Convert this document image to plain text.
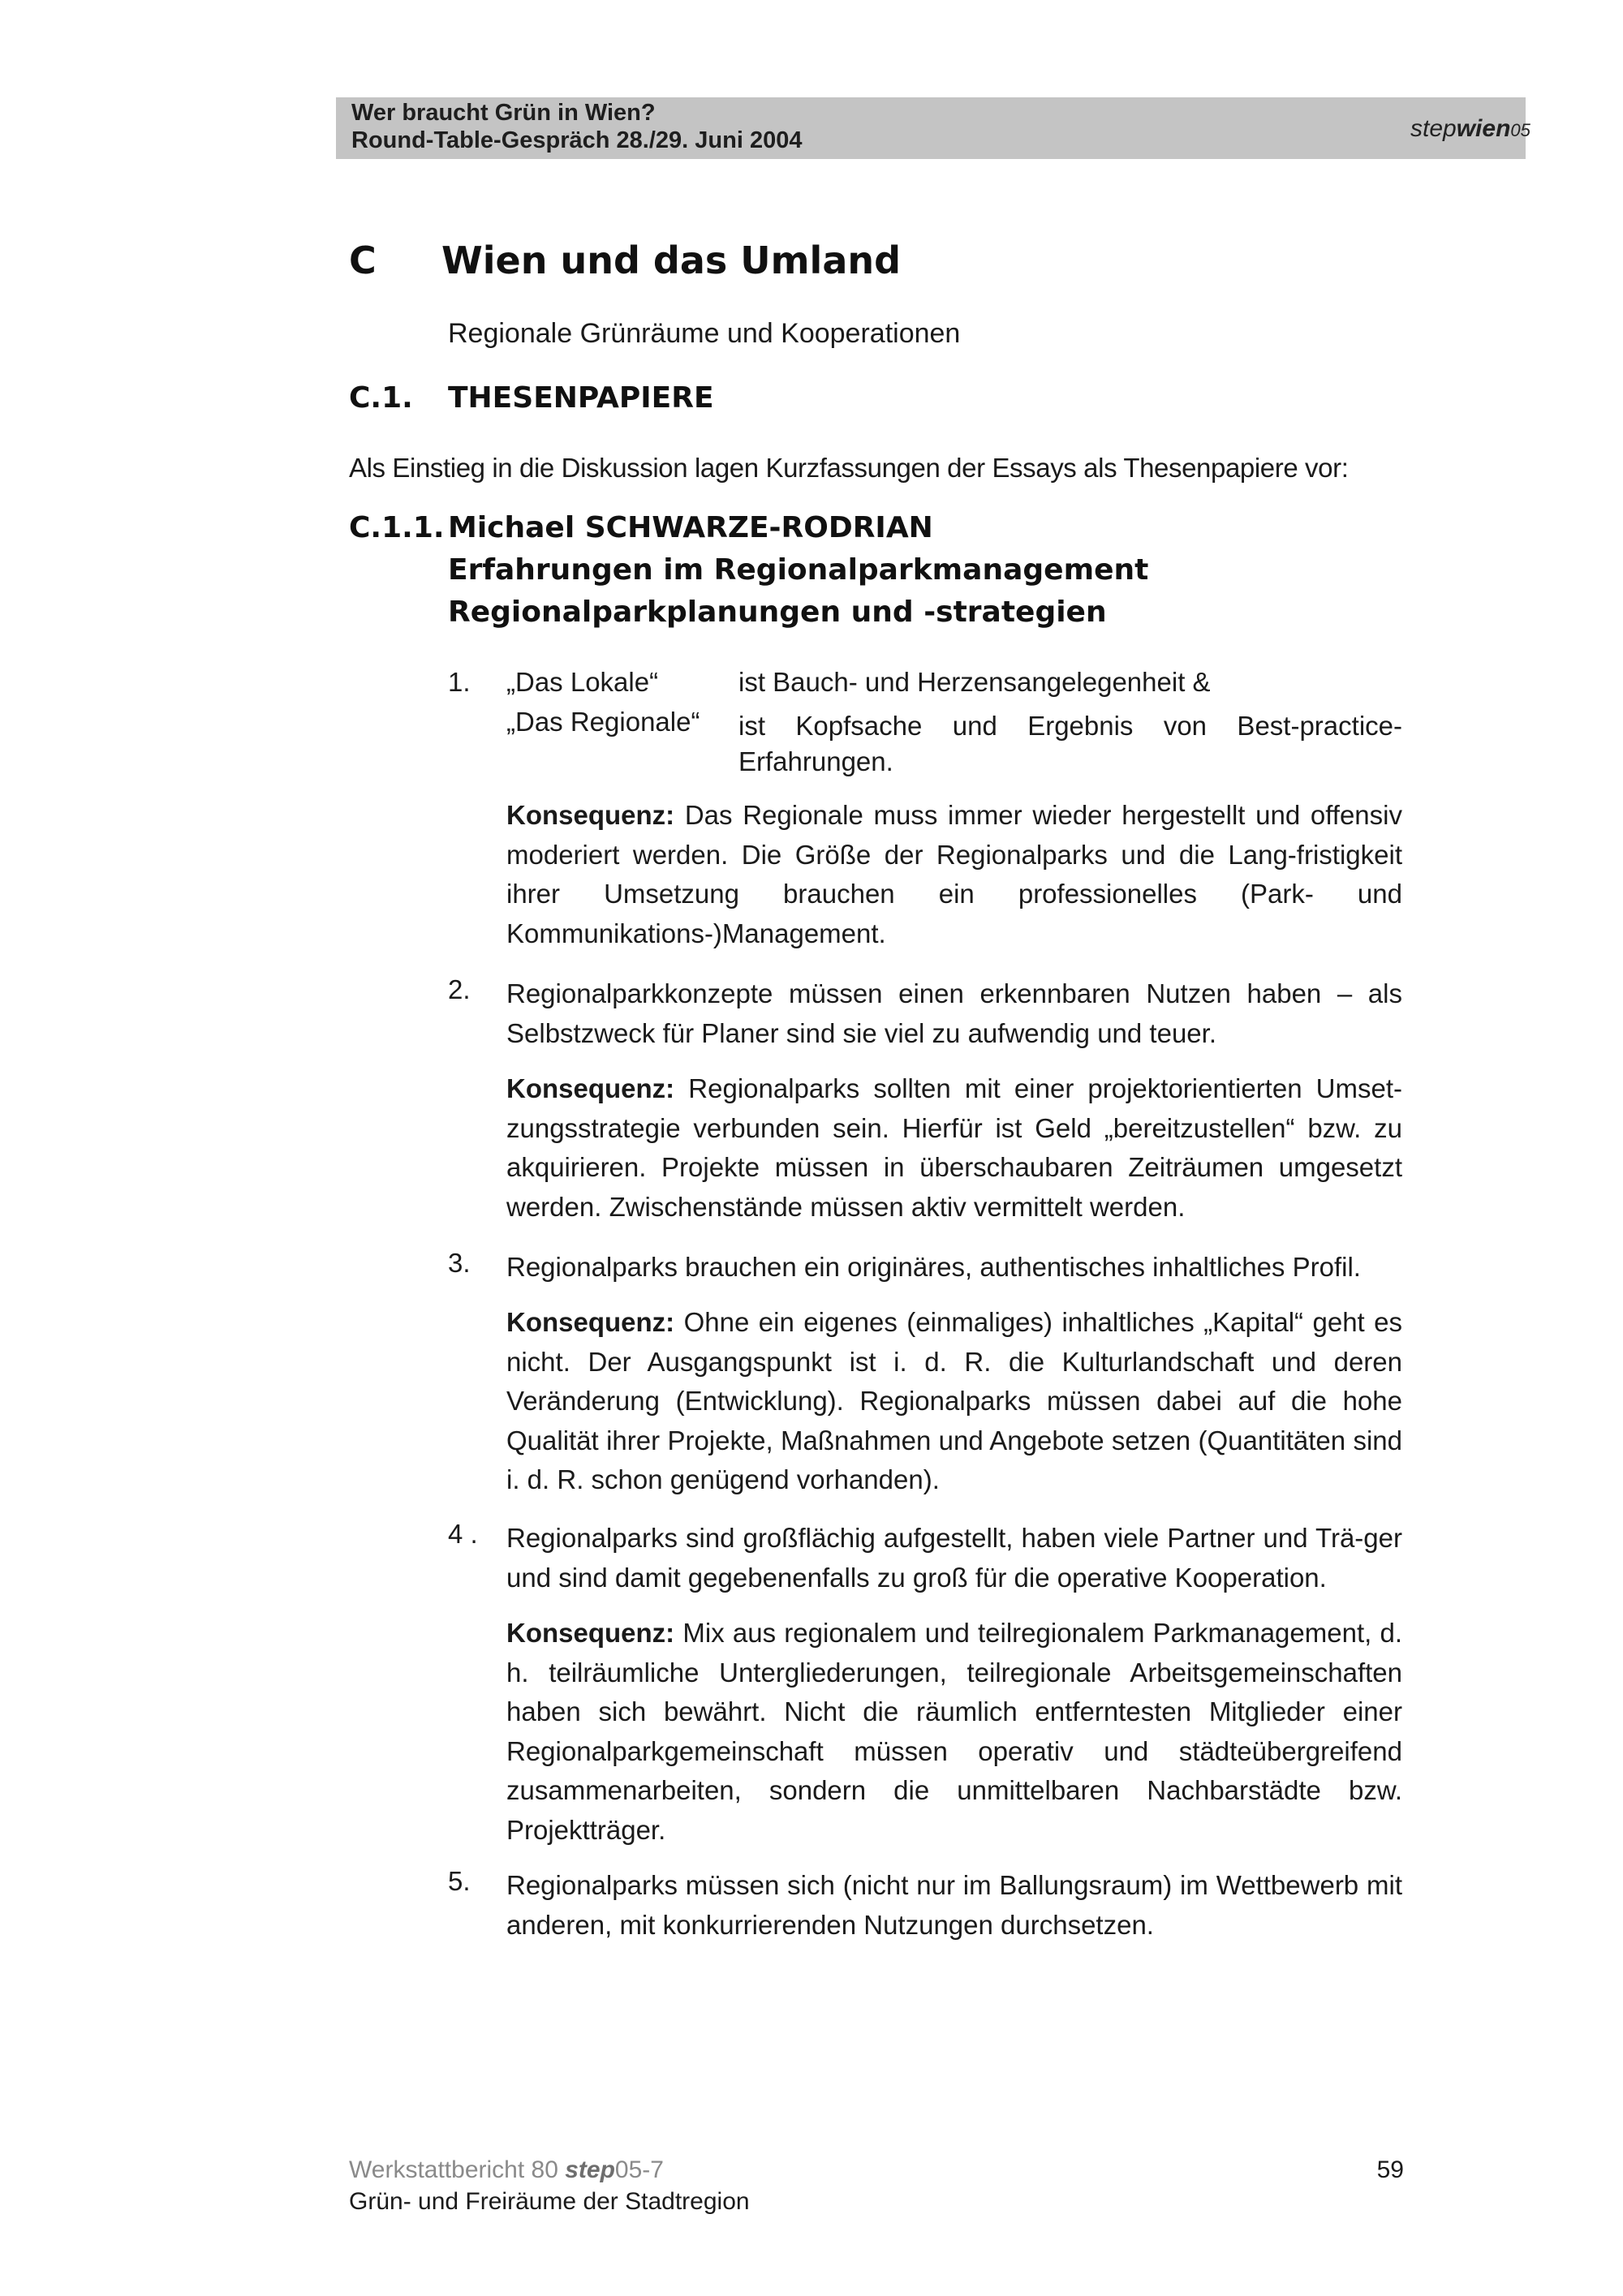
Wer braucht Grün in Wien?
Round-Table-Gespräch 28./29. Juni 2004	stepwien05
C Wien und das Umland
Regionale Grünräume und Kooperationen
C.1. THESENPAPIERE
Als Einstieg in die Diskussion lagen Kurzfassungen der Essays als Thesenpapiere vor:
C.1.1. Michael SCHWARZE-RODRIAN
Erfahrungen im Regionalparkmanagement
Regionalparkplanungen und -strategien
1. „Das Lokale“	ist Bauch- und Herzensangelegenheit &
„Das Regionale“ ist Kopfsache und Ergebnis von Best-practice-
Erfahrungen.
Konsequenz: Das Regionale muss immer wieder hergestellt und offensiv moderiert werden. Die Größe der Regionalparks und die Lang-fristigkeit ihrer Umsetzung brauchen ein professionelles (Park- und Kommunikations-)Management.
2. Regionalparkkonzepte müssen einen erkennbaren Nutzen haben – als Selbstzweck für Planer sind sie viel zu aufwendig und teuer.
Konsequenz: Regionalparks sollten mit einer projektorientierten Umset-zungsstrategie verbunden sein. Hierfür ist Geld „bereitzustellen“ bzw. zu akquirieren. Projekte müssen in überschaubaren Zeiträumen umgesetzt werden. Zwischenstände müssen aktiv vermittelt werden.
3. Regionalparks brauchen ein originäres, authentisches inhaltliches Profil.
Konsequenz: Ohne ein eigenes (einmaliges) inhaltliches „Kapital“ geht es nicht. Der Ausgangspunkt ist i. d. R. die Kulturlandschaft und deren Veränderung (Entwicklung). Regionalparks müssen dabei auf die hohe Qualität ihrer Projekte, Maßnahmen und Angebote setzen (Quantitäten sind i. d. R. schon genügend vorhanden).
4 . Regionalparks sind großflächig aufgestellt, haben viele Partner und Trä-ger und sind damit gegebenenfalls zu groß für die operative Kooperation.
Konsequenz: Mix aus regionalem und teilregionalem Parkmanagement, d. h. teilräumliche Untergliederungen, teilregionale Arbeitsgemeinschaften haben sich bewährt. Nicht die räumlich entferntesten Mitglieder einer Regionalparkgemeinschaft müssen operativ und städteübergreifend zusammenarbeiten, sondern die unmittelbaren Nachbarstädte bzw. Projektträger.
5. Regionalparks müssen sich (nicht nur im Ballungsraum) im Wettbewerb mit anderen, mit konkurrierenden Nutzungen durchsetzen.
Werkstattbericht 80 step05-7
Grün- und Freiräume der Stadtregion
59
